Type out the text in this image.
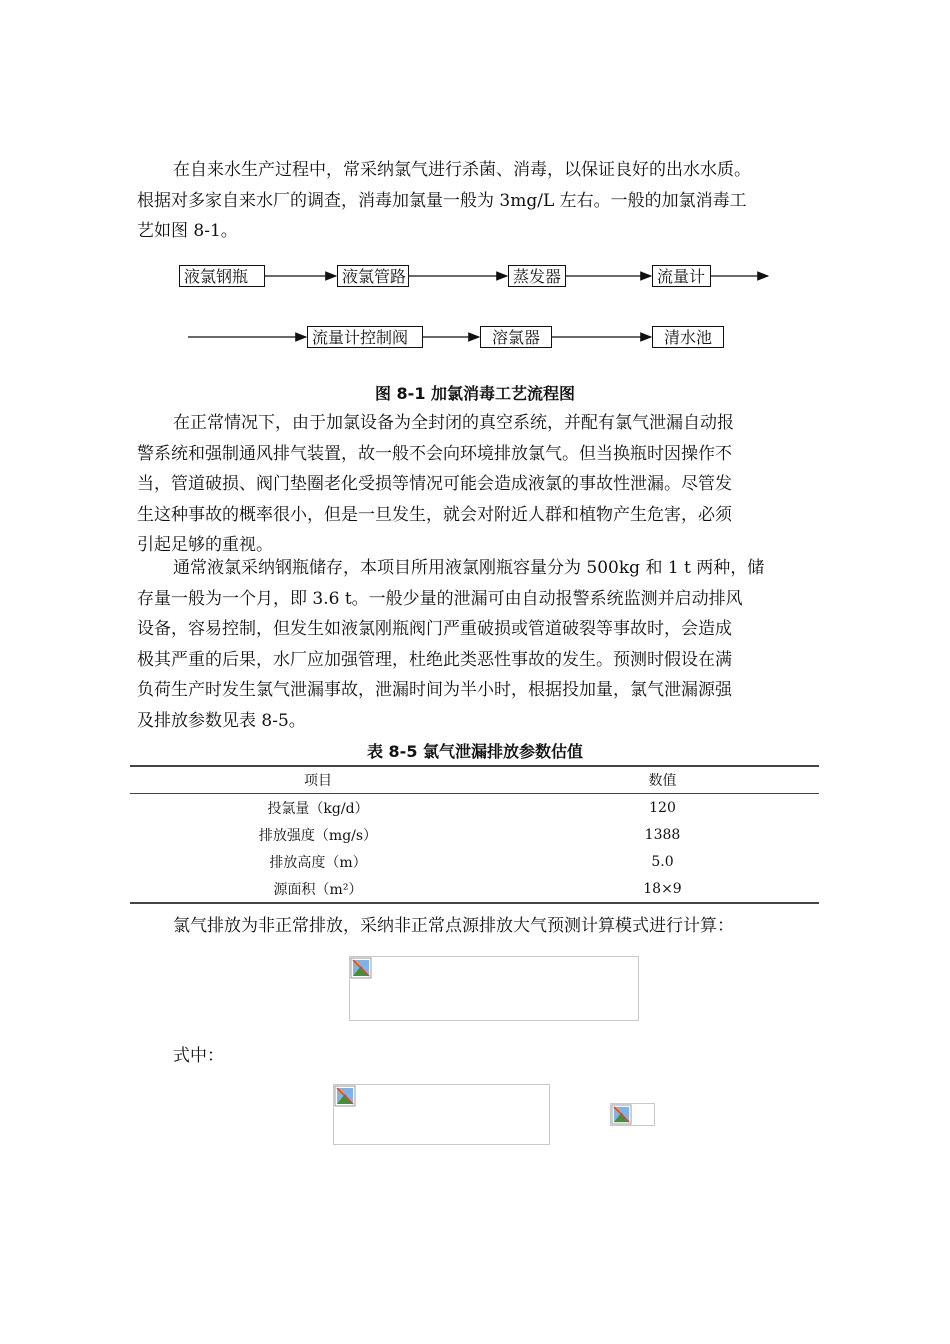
在自来水生产过程中，常采纳氯气进行杀菌、消毒，以保证良好的出水水质。
根据对多家自来水厂的调查，消毒加氯量一般为 3mg/L 左右。一般的加氯消毒工
艺如图 8-1。
液氯钢瓶	液氯管路	蒸发器	流量计
流量计控制阀	溶氯器	清水池
图 8-1 加氯消毒工艺流程图
在正常情况下，由于加氯设备为全封闭的真空系统，并配有氯气泄漏自动报
警系统和强制通风排气装置，故一般不会向环境排放氯气。但当换瓶时因操作不
当，管道破损、阀门垫圈老化受损等情况可能会造成液氯的事故性泄漏。尽管发
生这种事故的概率很小，但是一旦发生，就会对附近人群和植物产生危害，必须
引起足够的重视。
通常液氯采纳钢瓶储存，本项目所用液氯刚瓶容量分为 500kg 和 1 t 两种，储
存量一般为一个月，即 3.6 t。一般少量的泄漏可由自动报警系统监测并启动排风
设备，容易控制，但发生如液氯刚瓶阀门严重破损或管道破裂等事故时，会造成
极其严重的后果，水厂应加强管理，杜绝此类恶性事故的发生。预测时假设在满
负荷生产时发生氯气泄漏事故，泄漏时间为半小时，根据投加量，氯气泄漏源强
及排放参数见表 8-5。
表 8-5 氯气泄漏排放参数估值
项目	数值
投氯量（kg/d）	120
排放强度（mg/s）	1388
排放高度（m）	5.0
源面积（m²）	18×9
氯气排放为非正常排放，采纳非正常点源排放大气预测计算模式进行计算：
式中：
